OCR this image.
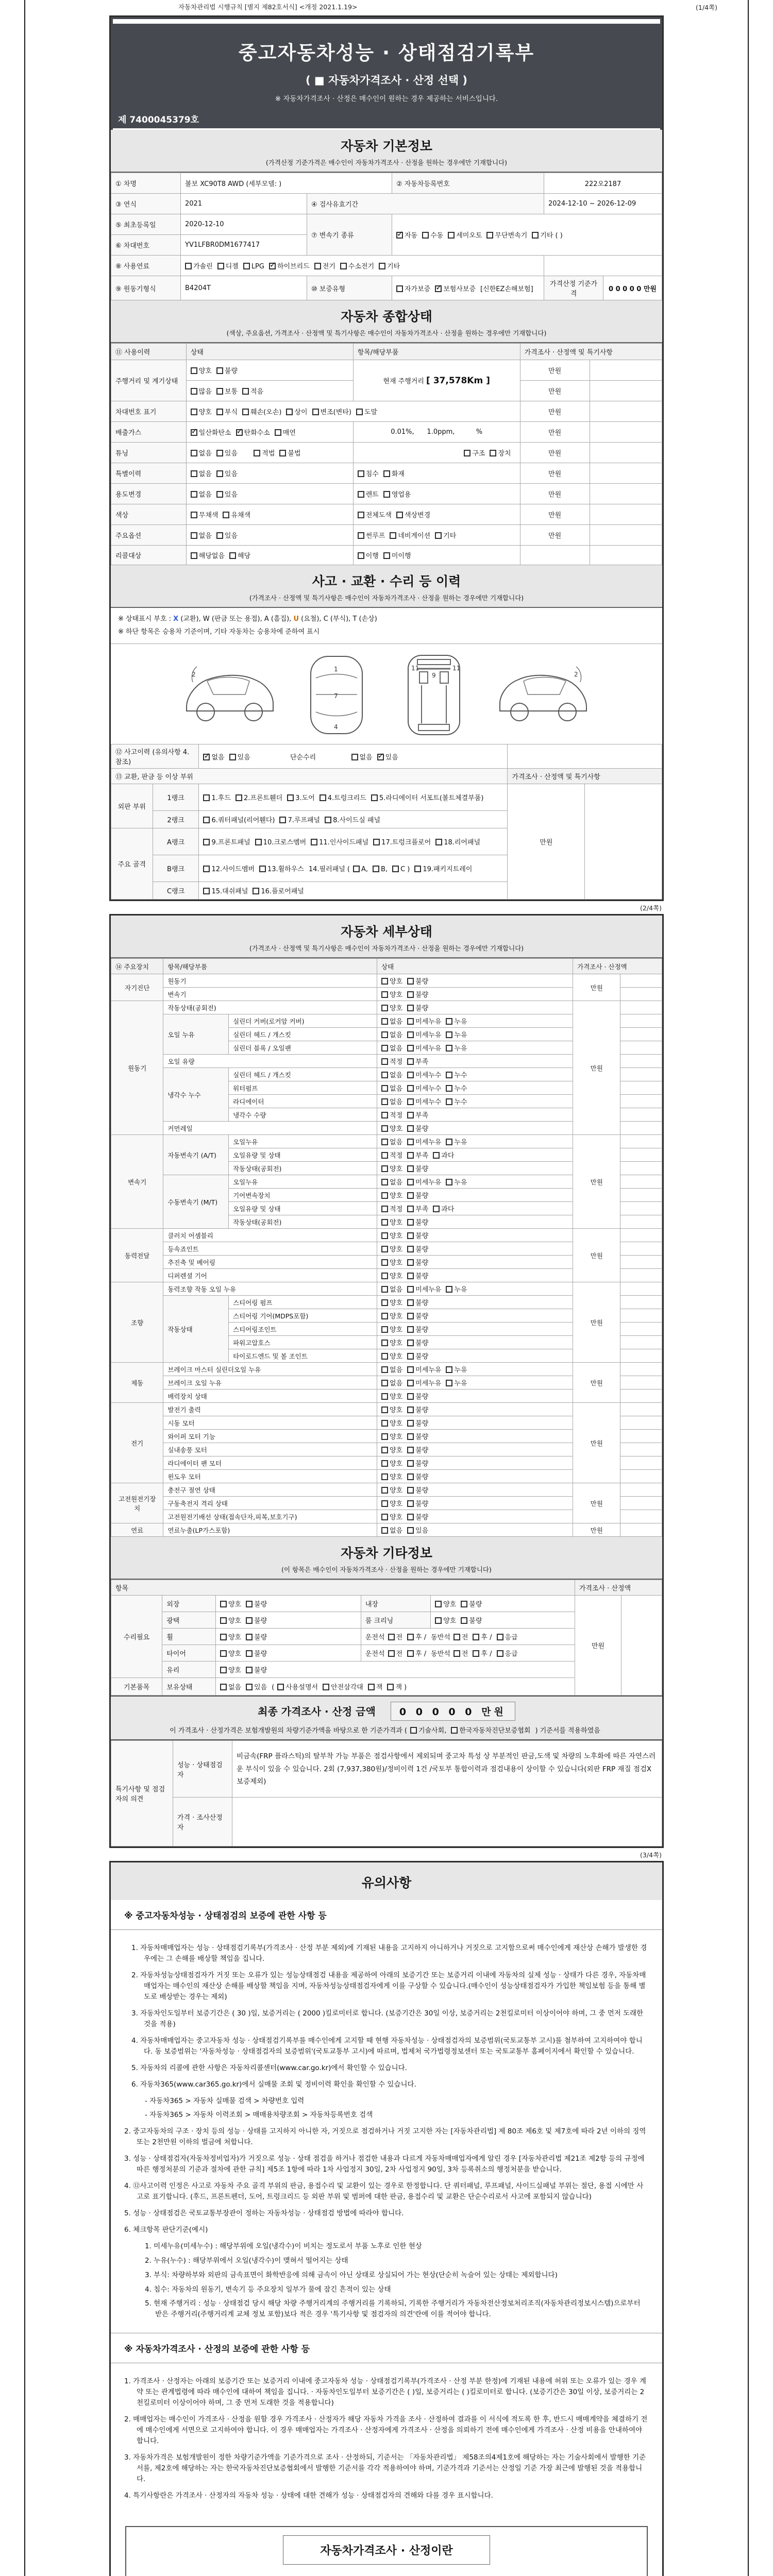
자동차관리법 시행규칙 [별지 제82호서식] <개정 2021.1.19>	(1/4쪽)
중고자동차성능 · 상태점검기록부
( ■ 자동차가격조사 · 산정 선택 )
※ 자동차가격조사 · 산정은 매수인이 원하는 경우 제공하는 서비스입니다.
제 7400045379호
자동차 기본정보
(가격산정 기준가격은 매수인이 자동차가격조사 · 산정을 원하는 경우에만 기재합니다)
① 차명	볼보 XC90T8 AWD (세부모델: )		② 자동차등록번호	222오2187	
③ 연식	2021	④ 검사유효기간		2024-12-10 ~ 2026-12-09	
⑤ 최초등록일	2020-12-10	⑦ 변속기 종류	✓자동 수동 세미오토 무단변속기 기타 ( )
⑥ 차대번호	YV1LFBR0DM1677417				
⑧ 사용연료	가솔린 디젤 LPG ✓ 하이브리드 전기 수소전기 기타	
⑨ 원동기형식	B4204T	⑩ 보증유형	자가보증 ✓ 보험사보증 [신한EZ손해보험]	가격산정 기준가격	0 0 0 0 0 만원
자동차 종합상태
(색상, 주요옵션, 가격조사 · 산정액 및 특기사항은 매수인이 자동차가격조사 · 산정을 원하는 경우에만 기재합니다)
⑪ 사용이력	상태	항목/해당부품	가격조사 · 산정액 및 특기사항	
주행거리 및 계기상태	양호 불량	현재 주행거리 [ 37,578Km ]	만원	
	많음 보통 적음		만원	
차대번호 표기	양호 부식 훼손(오손) 상이 변조(변타) 도말		만원	
배출가스	✓일산화탄소 ✓ 탄화수소 매연	0.01%,      1.0ppm,          %	만원	
튜닝	없음 있음 적법 불법	구조 장치	만원	
특별이력	없음 있음	침수 화재	만원	
용도변경	없음 있음	렌트 영업용	만원	
색상	무채색 유채색	전체도색 색상변경	만원	
주요옵션	없음 있음	썬루프 네비게이션 기타	만원	
리콜대상	해당없음 해당	이행 미이행		
사고 · 교환 · 수리 등 이력
(가격조사 · 산정액 및 특기사항은 매수인이 자동차가격조사 · 산정을 원하는 경우에만 기재합니다)
※ 상태표시 부호 : X (교환), W (판금 또는 용접), A (흠집), U (요철), C (부식), T (손상)
※ 하단 항목은 승용차 기준이며, 기타 자동차는 승용차에 준하여 표시
2
1
7
4
11
9
11
2
⑫ 사고이력 (유의사항 4.참조)	✓없음 있음 단순수리 없음 ✓ 있음	
⑬ 교환, 판금 등 이상 부위			가격조사 · 산정액 및 특기사항	
외판 부위	1랭크	1.후드 2.프론트휀더 3.도어 4.트렁크리드 5.라디에이터 서포트(볼트체결부품)	만원	
	2랭크	6.쿼터패널(리어휀다) 7.루프패널 8.사이드실 패널		
주요 골격	A랭크	9.프론트패널 10.크로스멤버 11.인사이드패널 17.트렁크플로어 18.리어패널		
	B랭크	12.사이드멤버 13.휠하우스 14.필러패널 ( A, B, C ) 19.패키지트레이		
	C랭크	15.대쉬패널 16.플로어패널		
(2/4쪽)
자동차 세부상태
(가격조사 · 산정액 및 특기사항은 매수인이 자동차가격조사 · 산정을 원하는 경우에만 기재합니다)
⑭ 주요장치	항목/해당부품		상태	가격조사 · 산정액	
자기진단	원동기		양호 불량	만원	
	변속기		양호 불량		
원동기	작동상태(공회전)		양호 불량	만원	
	오일 누유	실린더 커버(로커암 커버)	없음 미세누유 누유		
		실린더 헤드 / 개스킷	없음 미세누유 누유		
		실린더 블록 / 오일팬	없음 미세누유 누유		
	오일 유량		적정 부족		
	냉각수 누수	실린더 헤드 / 개스킷	없음 미세누수 누수		
		워터펌프	없음 미세누수 누수		
		라디에이터	없음 미세누수 누수		
		냉각수 수량	적정 부족		
	커먼레일		양호 불량		
변속기	자동변속기 (A/T)	오일누유	없음 미세누유 누유	만원	
		오일유량 및 상태	적정 부족 과다		
		작동상태(공회전)	양호 불량		
	수동변속기 (M/T)	오일누유	없음 미세누유 누유		
		기어변속장치	양호 불량		
		오일유량 및 상태	적정 부족 과다		
		작동상태(공회전)	양호 불량		
동력전달	클러치 어셈블리		양호 불량	만원	
	등속죠인트		양호 불량		
	추진축 및 베어링		양호 불량		
	디퍼렌셜 기어		양호 불량		
조향	동력조향 작동 오일 누유		없음 미세누유 누유	만원	
	작동상태	스티어링 펌프	양호 불량		
		스티어링 기어(MDPS포함)	양호 불량		
		스티어링조인트	양호 불량		
		파워고압호스	양호 불량		
		타이로드엔드 및 볼 조인트	양호 불량		
제동	브레이크 마스터 실린더오일 누유		없음 미세누유 누유	만원	
	브레이크 오일 누유		없음 미세누유 누유		
	배력장치 상태		양호 불량		
전기	발전기 출력		양호 불량	만원	
	시동 모터		양호 불량		
	와이퍼 모터 기능		양호 불량		
	실내송풍 모터		양호 불량		
	라디에이터 팬 모터		양호 불량		
	윈도우 모터		양호 불량		
고전원전기장치	충전구 절연 상태		양호 불량	만원	
	구동축전지 격리 상태		양호 불량		
	고전원전기배선 상태(접속단자,피복,보호기구)		양호 불량		
연료	연료누출(LP가스포함)		없음 있음	만원	
자동차 기타정보
(이 항목은 매수인이 자동차가격조사 · 산정을 원하는 경우에만 기재합니다)
항목					가격조사 · 산정액	
수리필요	외장	양호 불량	내장	양호 불량	만원	
	광택	양호 불량	룸 크리닝	양호 불량		
	휠	양호 불량	운전석 전 후 / 동반석 전 후 / 응급			
	타이어	양호 불량	운전석 전 후 / 동반석 전 후 / 응급			
	유리	양호 불량				
기본품목	보유상태	없음 있음 ( 사용설명서 안전삼각대 잭 잭 )				
최종 가격조사 · 산정 금액 0 0 0 0 0 만원
이 가격조사 · 산정가격은 보험개발원의 차량기준가액을 바탕으로 한 기준가격과 ( 기술사회, 한국자동차진단보증협회 ) 기준서를 적용하였음
특기사항 및 점검자의 의견	성능 · 상태점검자	비금속(FRP 플라스틱)의 탈부착 가능 부품은 점검사항에서 제외되며 중고차 특성 상 부분적인 판금,도색 및 차량의 노후화에 따른 자연스러운 부식이 있을 수 있습니다. 2회 (7,937,380원)/정비이력 1건 /국토부 통합이력과 점검내용이 상이할 수 있습니다(외판 FRP 재질 점검X 보증제외)
	가격 · 조사산정자	
(3/4쪽)
유의사항
※ 중고자동차성능 · 상태점검의 보증에 관한 사항 등
1. 자동차매매업자는 성능 · 상태점검기록부(가격조사 · 산정 부분 제외)에 기재된 내용을 고지하지 아니하거나 거짓으로 고지함으로써 매수인에게 재산상 손해가 발생한 경우에는 그 손해를 배상할 책임을 집니다.
2. 자동차성능상태점검자가 거짓 또는 오류가 있는 성능상태점검 내용을 제공하여 아래의 보증기간 또는 보증거리 이내에 자동차의 실제 성능 · 상태가 다른 경우, 자동차매매업자는 매수인의 재산상 손해를 배상할 책임을 지며, 자동차성능상태점검자에게 이를 구상할 수 있습니다.(매수인이 성능상태점검자가 가입한 책임보험 등을 통해 별도로 배상받는 경우는 제외)
3. 자동차인도일부터 보증기간은 ( 30 )일, 보증거리는 ( 2000 )킬로미터로 합니다. (보증기간은 30일 이상, 보증거리는 2천킬로미터 이상이어야 하며, 그 중 먼저 도래한 것을 적용)
4. 자동차매매업자는 중고자동차 성능 · 상태점검기록부를 매수인에게 고지할 때 현행 자동차성능 · 상태점검자의 보증범위(국토교통부 고시)를 첨부하여 고지하여야 합니다. 동 보증범위는 '자동차성능 · 상태점검자의 보증범위'(국토교통부 고시)에 따르며, 법제처 국가법령정보센터 또는 국토교통부 홈페이지에서 확인할 수 있습니다.
5. 자동차의 리콜에 관한 사항은 자동차리콜센터(www.car.go.kr)에서 확인할 수 있습니다.
6. 자동차365(www.car365.go.kr)에서 실매물 조회 및 정비이력 확인을 확인할 수 있습니다.
- 자동차365 > 자동차 실매물 검색 > 차량번호 입력
- 자동차365 > 자동차 이력조회 > 매매용차량조회 > 자동차등록번호 검색
2. 중고자동차의 구조 · 장치 등의 성능 · 상태를 고지하지 아니한 자, 거짓으로 점검하거나 거짓 고지한 자는 [자동차관리법] 제 80조 제6호 및 제7호에 따라 2년 이하의 징역 또는 2천만원 이하의 벌금에 처합니다.
3. 성능 · 상태점검자(자동차정비업자)가 거짓으로 성능 · 상태 점검을 하거나 점검한 내용과 다르게 자동차매매업자에게 알린 경우 [자동차관리법 제21조 제2항 등의 규정에 따른 행정처분의 기준과 절차에 관한 규칙] 제5조 1항에 따라 1차 사업정지 30일, 2차 사업정지 90일, 3차 등록취소의 행정처분을 받습니다.
4. ⑫사고이력 인정은 사고로 자동차 주요 골격 부위의 판금, 용접수리 및 교환이 있는 경우로 한정합니다. 단 쿼터패널, 루프패널, 사이드실패널 부위는 절단, 용접 시에만 사고로 표기합니다. (후드, 프론트펜더, 도어, 트렁크리드 등 외판 부위 및 범퍼에 대한 판금, 용접수리 및 교환은 단순수리로서 사고에 포함되지 않습니다)
5. 성능 · 상태점검은 국토교통부장관이 정하는 자동차성능 · 상태점검 방법에 따라야 합니다.
6. 체크항목 판단기준(예시)
1. 미세누유(미세누수) : 해당부위에 오일(냉각수)이 비치는 정도로서 부품 노후로 인한 현상
2. 누유(누수) : 해당부위에서 오일(냉각수)이 맺혀서 떨어지는 상태
3. 부식: 차량하부와 외판의 금속표면이 화학반응에 의해 금속이 아닌 상태로 상실되어 가는 현상(단순히 녹슬어 있는 상태는 제외합니다)
4. 침수: 자동차의 원동기, 변속기 등 주요장치 일부가 물에 잠긴 흔적이 있는 상태
5. 현재 주행거리 : 성능 · 상태점검 당시 해당 차량 주행거리계의 주행거리를 기록하되, 기록한 주행거리가 자동차전산정보처리조직(자동차관리정보시스템)으로부터 받은 주행거리(주행거리계 교체 정보 포함)보다 적은 경우 '특기사항 및 점검자의 의견'란에 이를 적어야 합니다.
※ 자동차가격조사 · 산정의 보증에 관한 사항 등
1. 가격조사 · 산정자는 아래의 보증기간 또는 보증거리 이내에 중고자동차 성능 · 상태점검기록부(가격조사 · 산정 부분 한정)에 기재된 내용에 허위 또는 오류가 있는 경우 계약 또는 관계법령에 따라 매수인에 대하여 책임을 집니다. · 자동차인도일부터 보증기간은 ( )일, 보증거리는 ( )킬로미터로 합니다. (보증기간은 30일 이상, 보증거리는 2천킬로미터 이상이어야 하며, 그 중 먼저 도래한 것을 적용합니다)
2. 매매업자는 매수인이 가격조사 · 산정을 원할 경우 가격조사 · 산정자가 해당 자동차 가격을 조사 · 산정하여 결과를 이 서식에 적도록 한 후, 반드시 매매계약을 체결하기 전에 매수인에게 서면으로 고지하여야 합니다. 이 경우 매매업자는 가격조사 · 산정자에게 가격조사 · 산정을 의뢰하기 전에 매수인에게 가격조사 · 산정 비용을 안내하여야 합니다.
3. 자동차가격은 보험개발원이 정한 차량기준가액을 기준가격으로 조사 · 산정하되, 기준서는 「자동차관리법」 제58조의4제1호에 해당하는 자는 기술사회에서 발행한 기준서를, 제2호에 해당하는 자는 한국자동차진단보증협회에서 발행한 기준서를 각각 적용하여야 하며, 기준가격과 기준서는 산정일 기준 가장 최근에 발행된 것을 적용합니다.
4. 특기사항란은 가격조사 · 산정자의 자동차 성능 · 상태에 대한 견해가 성능 · 상태점검자의 견해와 다를 경우 표시합니다.
자동차가격조사 · 산정이란
